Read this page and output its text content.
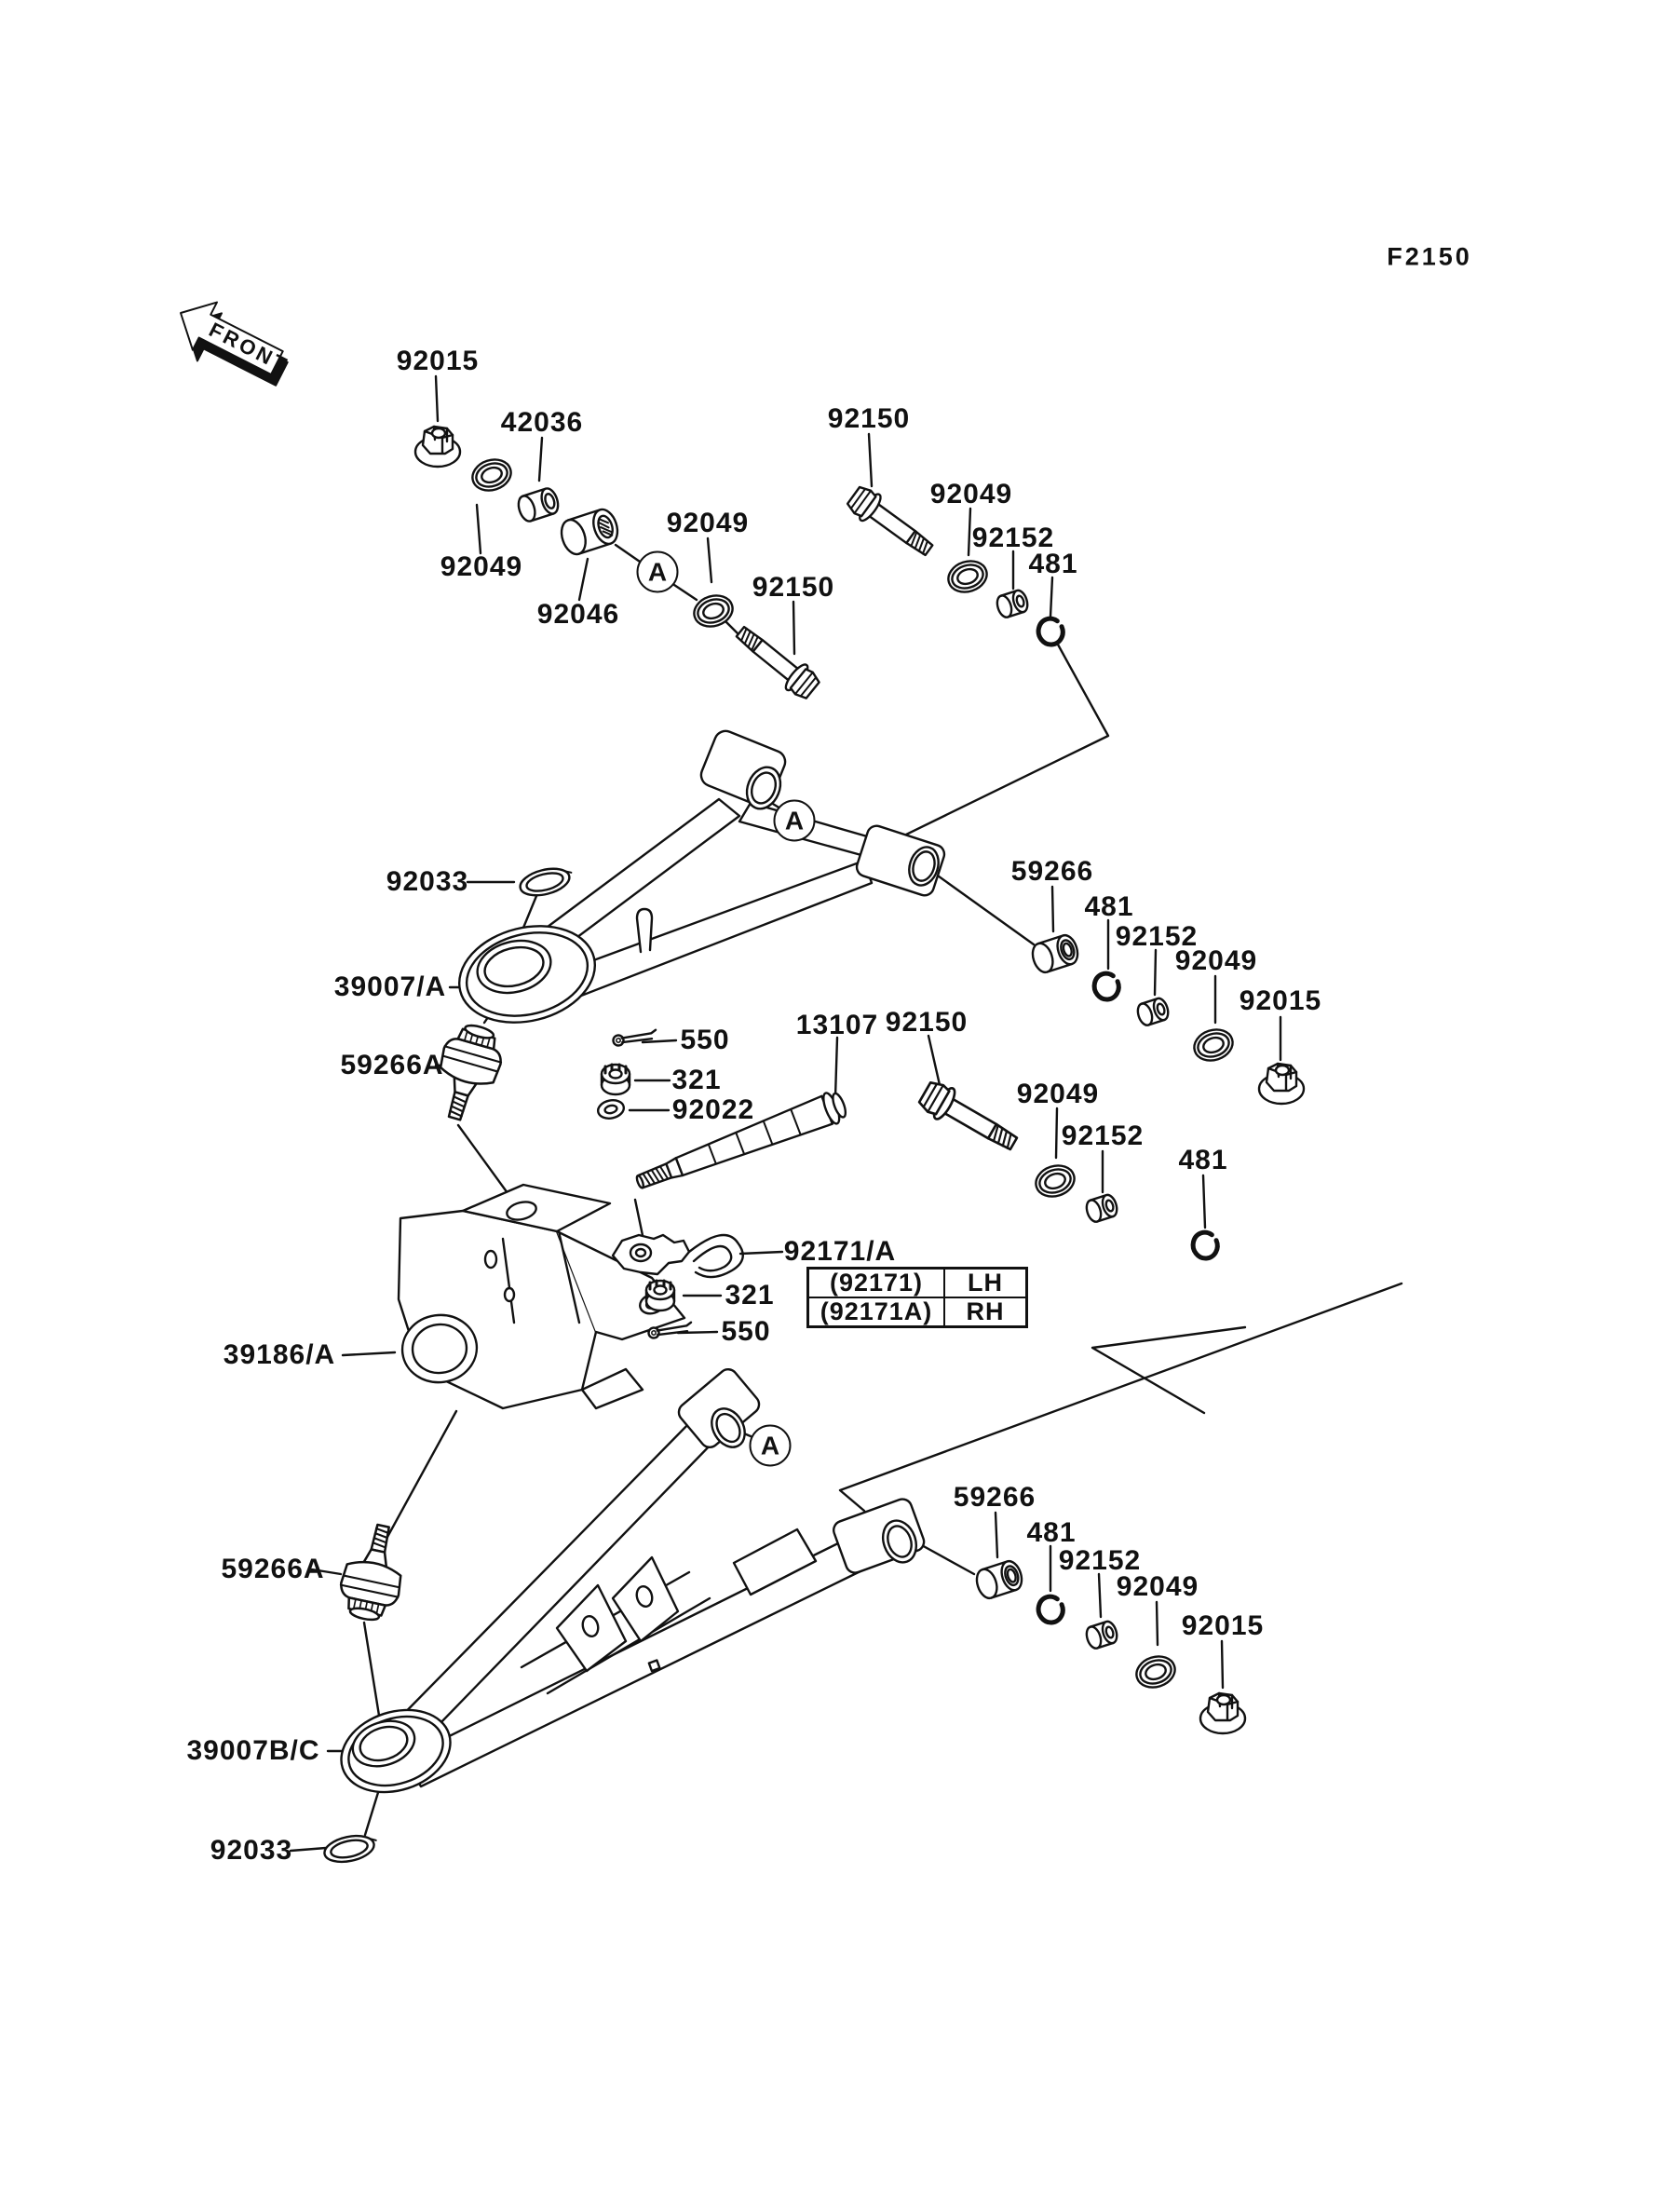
FRONT
F2150
(92171)	LH
(92171A)	RH
92015
42036
92049
92046
92049
92150
92150
92049
92152
481
92033
39007/A
59266A
550
321
92022
13107 92150
59266
481
92152
92049
92015
92049
92152
481
92171/A
321
550
39186/A
59266A
59266
481
92152
92049
92015
39007B/C
92033
A
A
A
